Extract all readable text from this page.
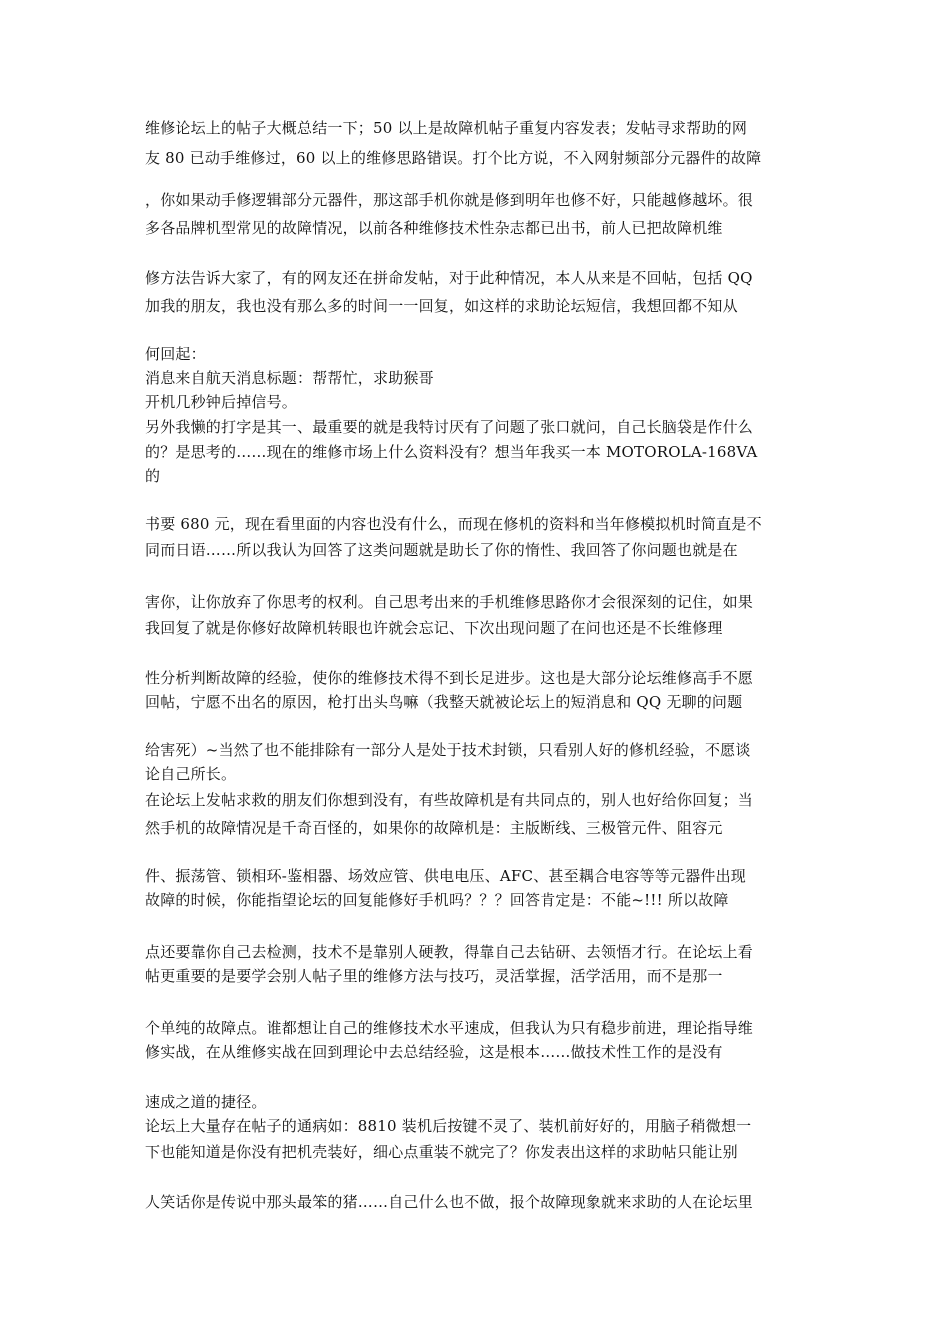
维修论坛上的帖子大概总结一下；50 以上是故障机帖子重复内容发表；发帖寻求帮助的网
友 80 已动手维修过，60 以上的维修思路错误。打个比方说，不入网射频部分元器件的故障
，你如果动手修逻辑部分元器件，那这部手机你就是修到明年也修不好，只能越修越坏。很
多各品牌机型常见的故障情况，以前各种维修技术性杂志都已出书，前人已把故障机维
修方法告诉大家了，有的网友还在拼命发帖，对于此种情况，本人从来是不回帖，包括 QQ
加我的朋友，我也没有那么多的时间一一回复，如这样的求助论坛短信，我想回都不知从
何回起：
消息来自航天消息标题：帮帮忙，求助猴哥
开机几秒钟后掉信号。
另外我懒的打字是其一、最重要的就是我特讨厌有了问题了张口就问，自己长脑袋是作什么
的？是思考的……现在的维修市场上什么资料没有？想当年我买一本 MOTOROLA-168VA
的
书要 680 元，现在看里面的内容也没有什么，而现在修机的资料和当年修模拟机时简直是不
同而日语……所以我认为回答了这类问题就是助长了你的惰性、我回答了你问题也就是在
害你，让你放弃了你思考的权利。自己思考出来的手机维修思路你才会很深刻的记住，如果
我回复了就是你修好故障机转眼也许就会忘记、下次出现问题了在问也还是不长维修理
性分析判断故障的经验，使你的维修技术得不到长足进步。这也是大部分论坛维修高手不愿
回帖，宁愿不出名的原因，枪打出头鸟嘛（我整天就被论坛上的短消息和 QQ 无聊的问题
给害死）~当然了也不能排除有一部分人是处于技术封锁，只看别人好的修机经验，不愿谈
论自己所长。
在论坛上发帖求救的朋友们你想到没有，有些故障机是有共同点的，别人也好给你回复；当
然手机的故障情况是千奇百怪的，如果你的故障机是：主版断线、三极管元件、阻容元
件、振荡管、锁相环-鉴相器、场效应管、供电电压、AFC、甚至耦合电容等等元器件出现
故障的时候，你能指望论坛的回复能修好手机吗？？？回答肯定是：不能~!!! 所以故障
点还要靠你自己去检测，技术不是靠别人硬教，得靠自己去钻研、去领悟才行。在论坛上看
帖更重要的是要学会别人帖子里的维修方法与技巧，灵活掌握，活学活用，而不是那一
个单纯的故障点。谁都想让自己的维修技术水平速成，但我认为只有稳步前进，理论指导维
修实战，在从维修实战在回到理论中去总结经验，这是根本……做技术性工作的是没有
速成之道的捷径。
论坛上大量存在帖子的通病如：8810 装机后按键不灵了、装机前好好的，用脑子稍微想一
下也能知道是你没有把机壳装好，细心点重装不就完了？你发表出这样的求助帖只能让别
人笑话你是传说中那头最笨的猪……自己什么也不做，报个故障现象就来求助的人在论坛里
